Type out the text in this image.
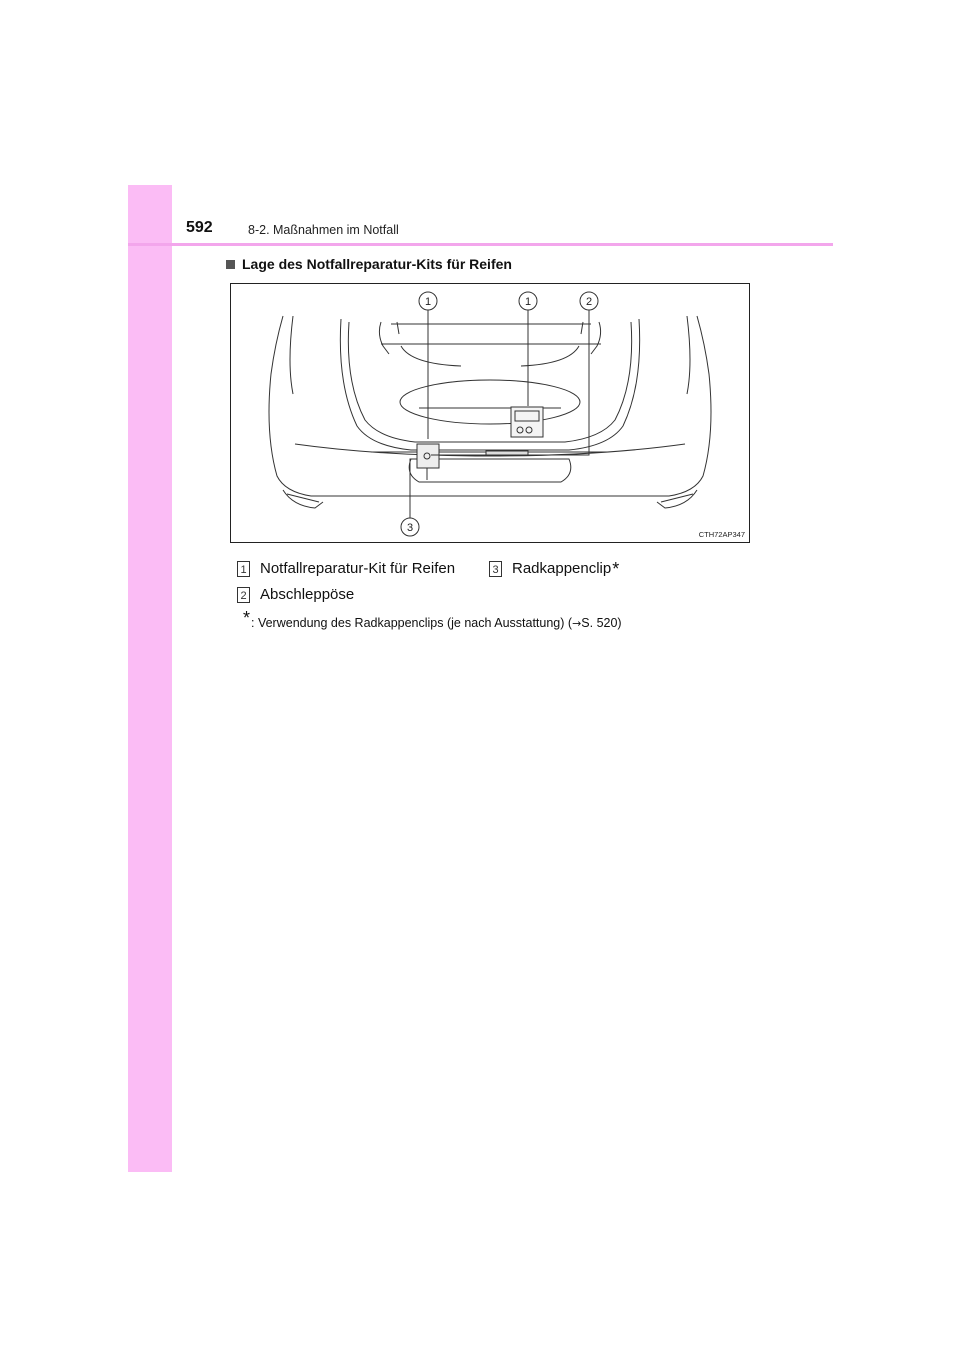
592	8-2. Maßnahmen im Notfall
Lage des Notfallreparatur-Kits für Reifen
1	1	2
3
CTH72AP347
1 Notfallreparatur-Kit für Reifen	3 Radkappenclip *
2 Abschleppöse
* : Verwendung des Radkappenclips (je nach Ausstattung) ( → S. 520)
